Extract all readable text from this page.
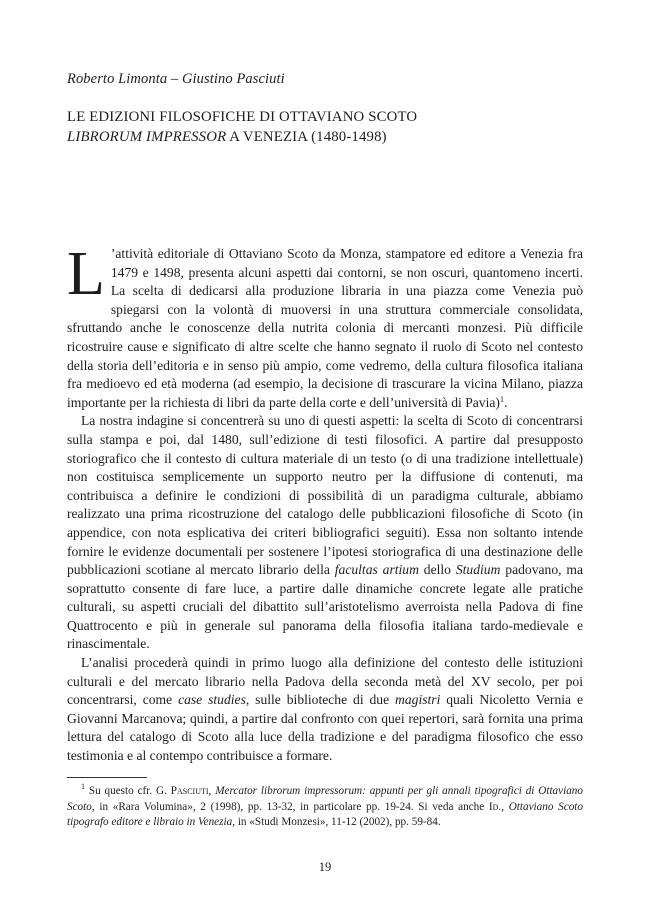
Roberto Limonta – Giustino Pasciuti
LE EDIZIONI FILOSOFICHE DI OTTAVIANO SCOTO
LIBRORUM IMPRESSOR A VENEZIA (1480-1498)

L ’attività editoriale di Ottaviano Scoto da Monza, stampatore ed editore a Venezia fra 1479 e 1498, presenta alcuni aspetti dai contorni, se non oscuri, quantomeno incerti. La scelta di dedicarsi alla produzione libraria in una piazza come Venezia può spiegarsi con la volontà di muoversi in una struttura commerciale consolidata, sfruttando anche le conoscenze della nutrita colonia di mercanti monzesi. Più difficile ricostruire cause e significato di altre scelte che hanno segnato il ruolo di Scoto nel contesto della storia dell’editoria e in senso più ampio, come vedremo, della cultura filosofica italiana fra medioevo ed età moderna (ad esempio, la decisione di trascurare la vicina Milano, piazza importante per la richiesta di libri da parte della corte e dell’università di Pavia)$^1$.

La nostra indagine si concentrerà su uno di questi aspetti: la scelta di Scoto di concentrarsi sulla stampa e poi, dal 1480, sull’edizione di testi filosofici. A partire dal presupposto storiografico che il contesto di cultura materiale di un testo (o di una tradizione intellettuale) non costituisca semplicemente un supporto neutro per la diffusione di contenuti, ma contribuisca a definire le condizioni di possibilità di un paradigma culturale, abbiamo realizzato una prima ricostruzione del catalogo delle pubblicazioni filosofiche di Scoto (in appendice, con nota esplicativa dei criteri bibliografici seguiti). Essa non soltanto intende fornire le evidenze documentali per sostenere l’ipotesi storiografica di una destinazione delle pubblicazioni scotiane al mercato librario della facultas artium dello Studium padovano, ma soprattutto consente di fare luce, a partire dalle dinamiche concrete legate alle pratiche culturali, su aspetti cruciali del dibattito sull’aristotelismo averroista nella Padova di fine Quattrocento e più in generale sul panorama della filosofia italiana tardo-medievale e rinascimentale.

L’analisi procederà quindi in primo luogo alla definizione del contesto delle istituzioni culturali e del mercato librario nella Padova della seconda metà del XV secolo, per poi concentrarsi, come case studies, sulle biblioteche di due magistri quali Nicoletto Vernia e Giovanni Marcanova; quindi, a partire dal confronto con quei repertori, sarà fornita una prima lettura del catalogo di Scoto alla luce della tradizione e del paradigma filosofico che esso testimonia e al contempo contribuisce a formare.

$^1$ Su questo cfr. G. Pasciuti, Mercator librorum impressorum: appunti per gli annali tipografici di Ottaviano Scoto, in «Rara Volumina», 2 (1998), pp. 13-32, in particolare pp. 19-24. Si veda anche Id., Ottaviano Scoto tipografo editore e libraio in Venezia, in «Studi Monzesi», 11-12 (2002), pp. 59-84.
19
